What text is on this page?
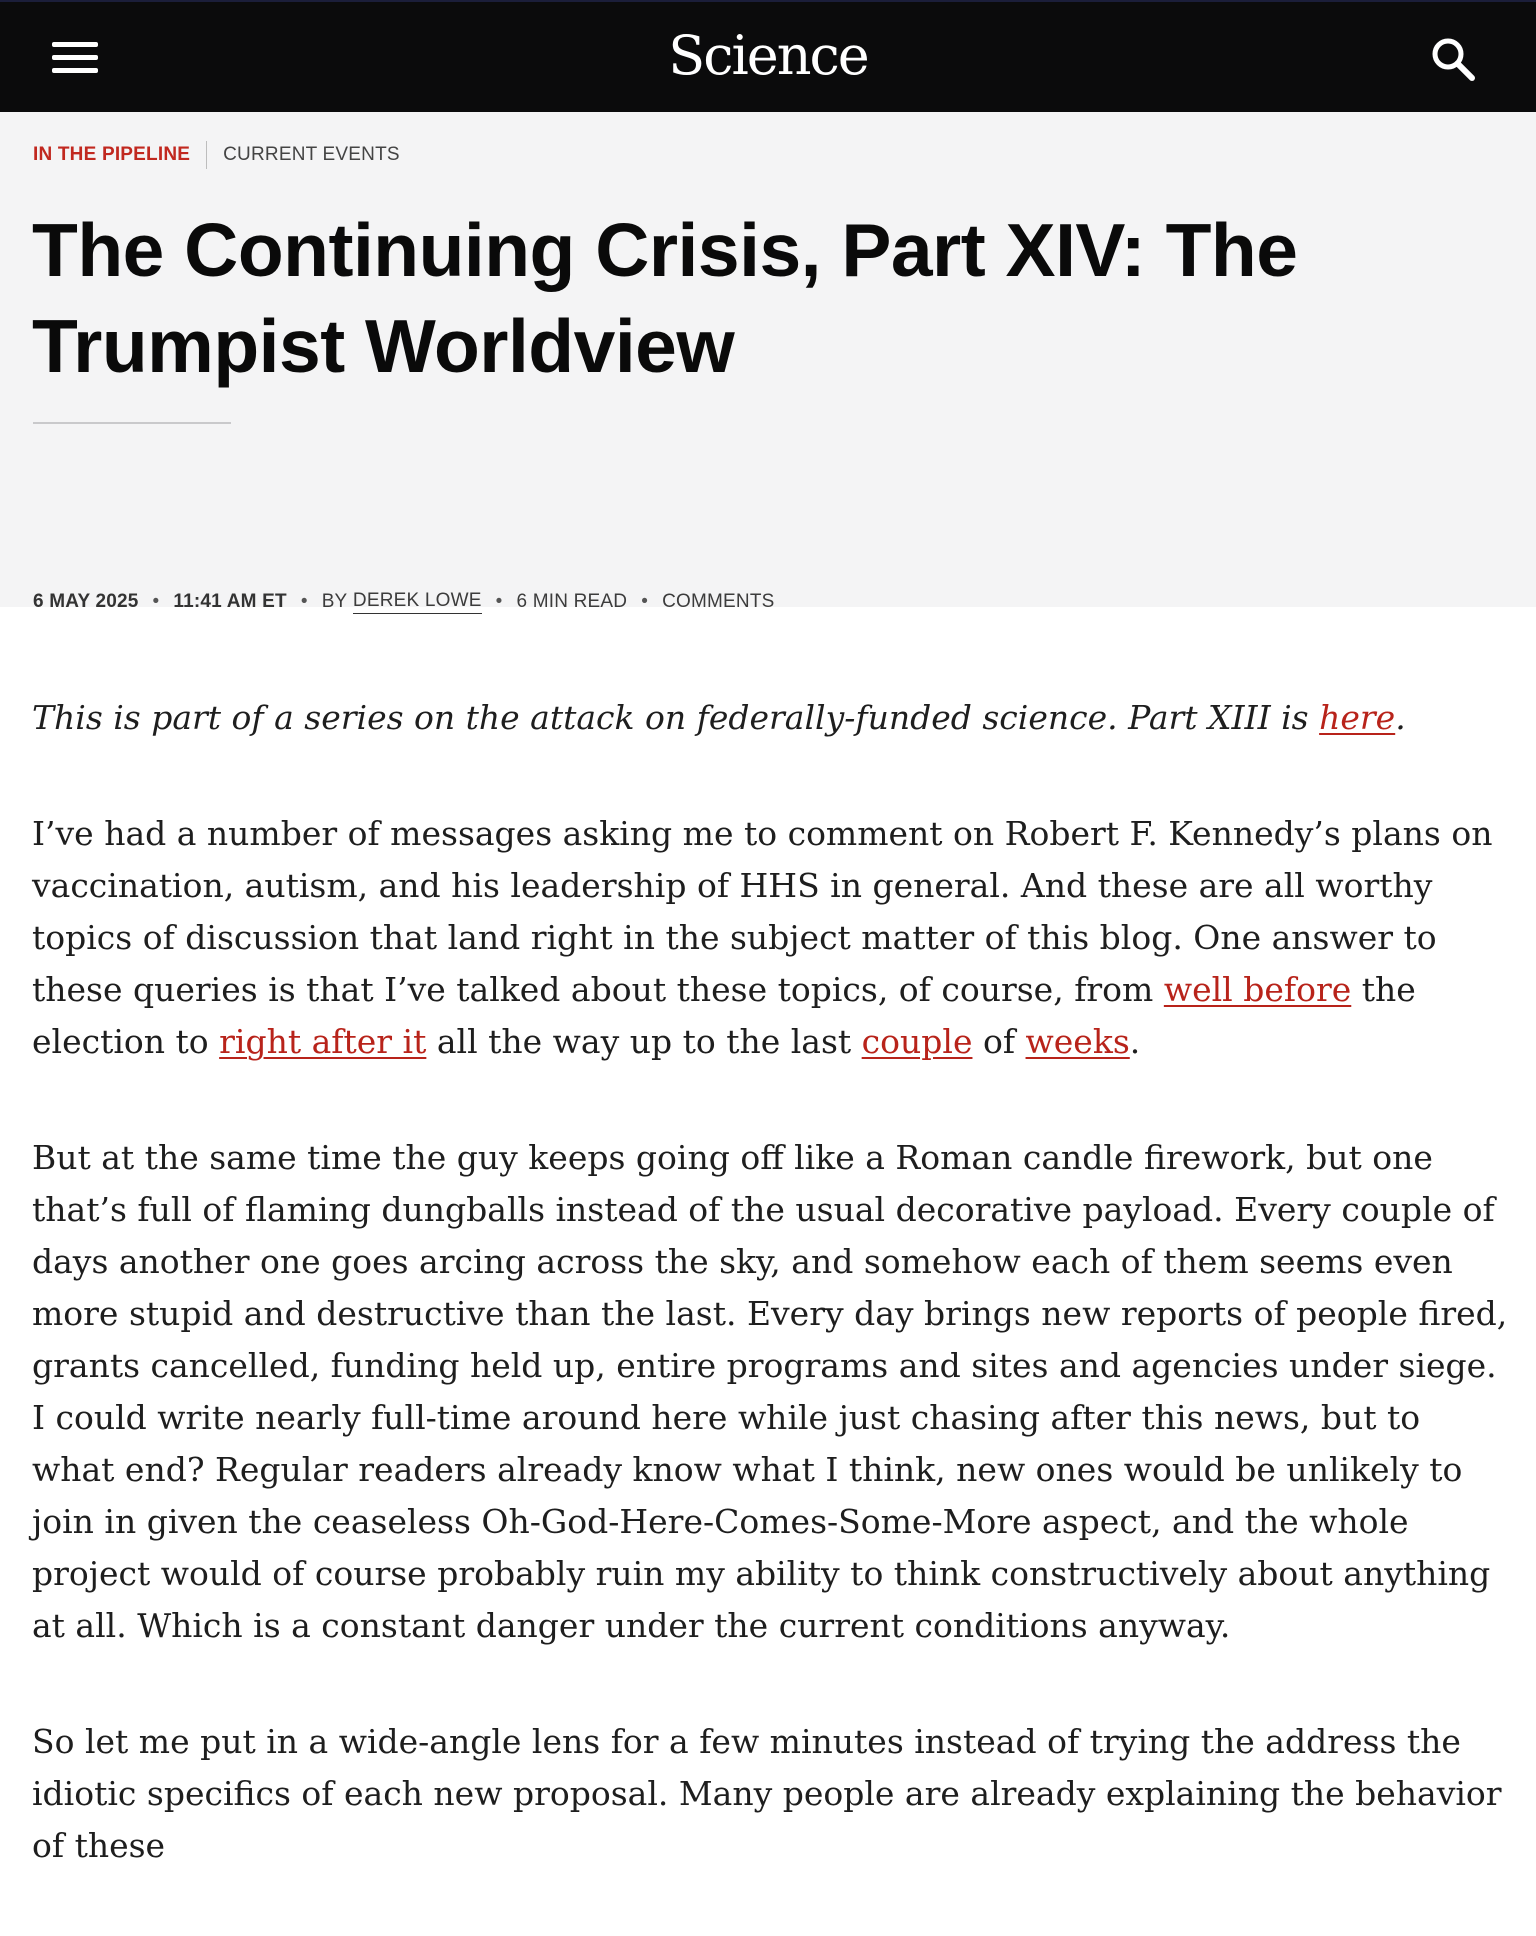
Science
IN THE PIPELINE CURRENT EVENTS
The Continuing Crisis, Part XIV: The
Trumpist Worldview
6 MAY 2025 • 11:41 AM ET • BY
DEREK LOWE • 6 MIN READ • COMMENTS

This is part of a series on the attack on federally-funded science. Part XIII is here.

I’ve had a number of messages asking me to comment on Robert F. Kennedy’s plans on vaccination, autism, and his leadership of HHS in general. And these are all worthy topics of discussion that land right in the subject matter of this blog. One answer to these queries is that I’ve talked about these topics, of course, from well before the election to right after it all the way up to the last couple of weeks.

But at the same time the guy keeps going off like a Roman candle firework, but one that’s full of flaming dungballs instead of the usual decorative payload. Every couple of days another one goes arcing across the sky, and somehow each of them seems even more stupid and destructive than the last. Every day brings new reports of people fired, grants cancelled, funding held up, entire programs and sites and agencies under siege. I could write nearly full-time around here while just chasing after this news, but to what end? Regular readers already know what I think, new ones would be unlikely to join in given the ceaseless Oh-God-Here-Comes-Some-More aspect, and the whole project would of course probably ruin my ability to think constructively about anything at all. Which is a constant danger under the current conditions anyway.

So let me put in a wide-angle lens for a few minutes instead of trying the address the idiotic specifics of each new proposal. Many people are already explaining the behavior of these
